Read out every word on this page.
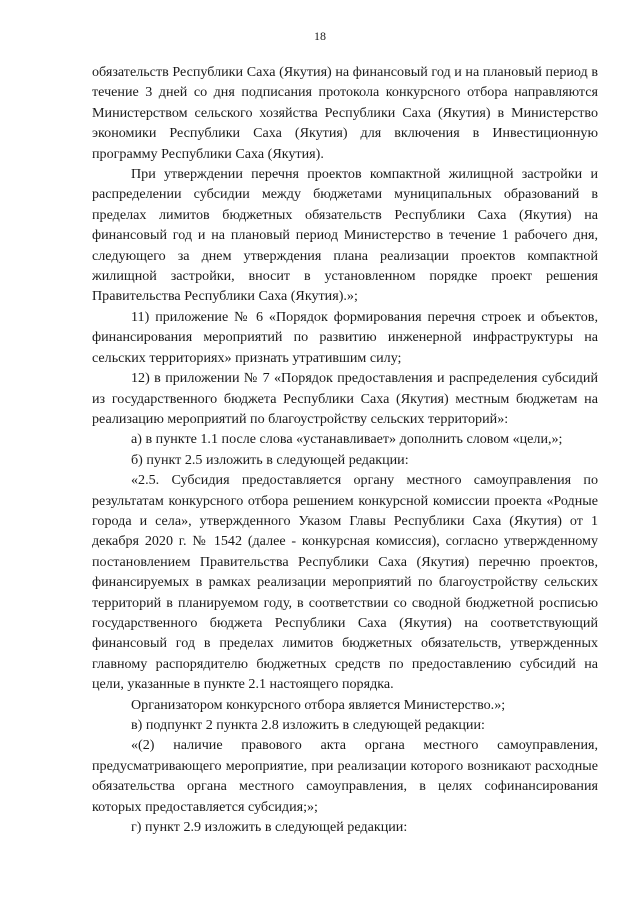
18

обязательств Республики Саха (Якутия) на финансовый год и на плановый период в течение 3 дней со дня подписания протокола конкурсного отбора направляются Министерством сельского хозяйства Республики Саха (Якутия) в Министерство экономики Республики Саха (Якутия) для включения в Инвестиционную программу Республики Саха (Якутия).

При утверждении перечня проектов компактной жилищной застройки и распределении субсидии между бюджетами муниципальных образований в пределах лимитов бюджетных обязательств Республики Саха (Якутия) на финансовый год и на плановый период Министерство в течение 1 рабочего дня, следующего за днем утверждения плана реализации проектов компактной жилищной застройки, вносит в установленном порядке проект решения Правительства Республики Саха (Якутия).»;

11) приложение № 6 «Порядок формирования перечня строек и объектов, финансирования мероприятий по развитию инженерной инфраструктуры на сельских территориях» признать утратившим силу;

12) в приложении № 7 «Порядок предоставления и распределения субсидий из государственного бюджета Республики Саха (Якутия) местным бюджетам на реализацию мероприятий по благоустройству сельских территорий»:

а) в пункте 1.1 после слова «устанавливает» дополнить словом «цели,»;

б) пункт 2.5 изложить в следующей редакции:

«2.5. Субсидия предоставляется органу местного самоуправления по результатам конкурсного отбора решением конкурсной комиссии проекта «Родные города и села», утвержденного Указом Главы Республики Саха (Якутия) от 1 декабря 2020 г. № 1542 (далее - конкурсная комиссия), согласно утвержденному постановлением Правительства Республики Саха (Якутия) перечню проектов, финансируемых в рамках реализации мероприятий по благоустройству сельских территорий в планируемом году, в соответствии со сводной бюджетной росписью государственного бюджета Республики Саха (Якутия) на соответствующий финансовый год в пределах лимитов бюджетных обязательств, утвержденных главному распорядителю бюджетных средств по предоставлению субсидий на цели, указанные в пункте 2.1 настоящего порядка.

Организатором конкурсного отбора является Министерство.»;

в) подпункт 2 пункта 2.8 изложить в следующей редакции:

«(2) наличие правового акта органа местного самоуправления, предусматривающего мероприятие, при реализации которого возникают расходные обязательства органа местного самоуправления, в целях софинансирования которых предоставляется субсидия;»;

г) пункт 2.9 изложить в следующей редакции:
